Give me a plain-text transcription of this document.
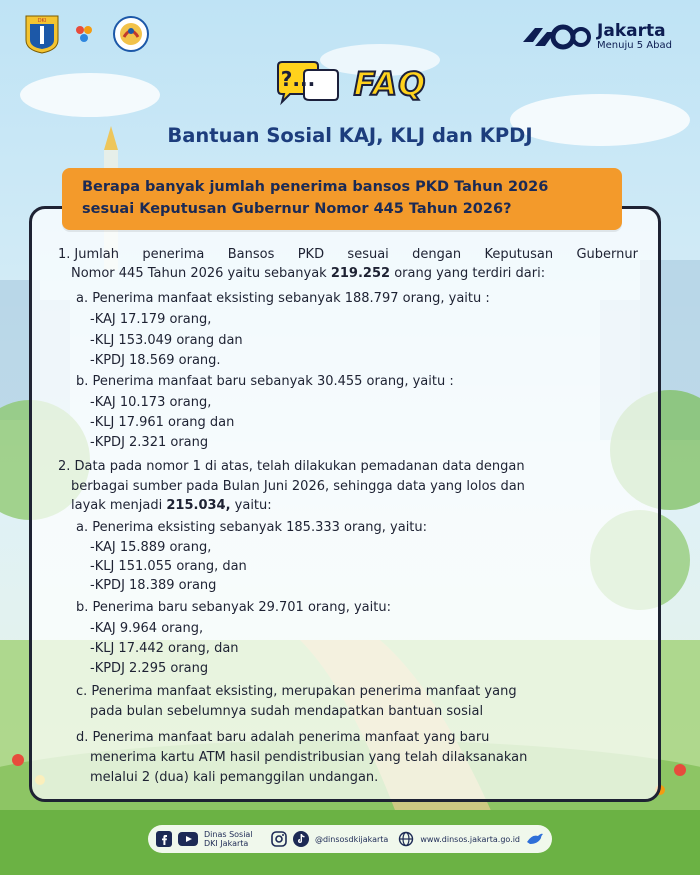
DKI	Jakarta
Menuju 5 Abad
?... FAQ
Bantuan Sosial KAJ, KLJ dan KPDJ
Berapa banyak jumlah penerima bansos PKD Tahun 2026
sesuai Keputusan Gubernur Nomor 445 Tahun 2026?
1. Jumlah penerima Bansos PKD sesuai dengan Keputusan Gubernur
Nomor 445 Tahun 2026 yaitu sebanyak 219.252 orang yang terdiri dari:
a. Penerima manfaat eksisting sebanyak 188.797 orang, yaitu :
-KAJ 17.179 orang,
-KLJ 153.049 orang dan
-KPDJ 18.569 orang.
b. Penerima manfaat baru sebanyak 30.455 orang, yaitu :
-KAJ 10.173 orang,
-KLJ 17.961 orang dan
-KPDJ 2.321 orang
2. Data pada nomor 1 di atas, telah dilakukan pemadanan data dengan
berbagai sumber pada Bulan Juni 2026, sehingga data yang lolos dan
layak menjadi 215.034, yaitu:
a. Penerima eksisting sebanyak 185.333 orang, yaitu:
-KAJ 15.889 orang,
-KLJ 151.055 orang, dan
-KPDJ 18.389 orang
b. Penerima baru sebanyak 29.701 orang, yaitu:
-KAJ 9.964 orang,
-KLJ 17.442 orang, dan
-KPDJ 2.295 orang
c. Penerima manfaat eksisting, merupakan penerima manfaat yang
pada bulan sebelumnya sudah mendapatkan bantuan sosial
d. Penerima manfaat baru adalah penerima manfaat yang baru
menerima kartu ATM hasil pendistribusian yang telah dilaksanakan
melalui 2 (dua) kali pemanggilan undangan.
Dinas Sosial DKI Jakarta	@dinsosdkijakarta	www.dinsos.jakarta.go.id
